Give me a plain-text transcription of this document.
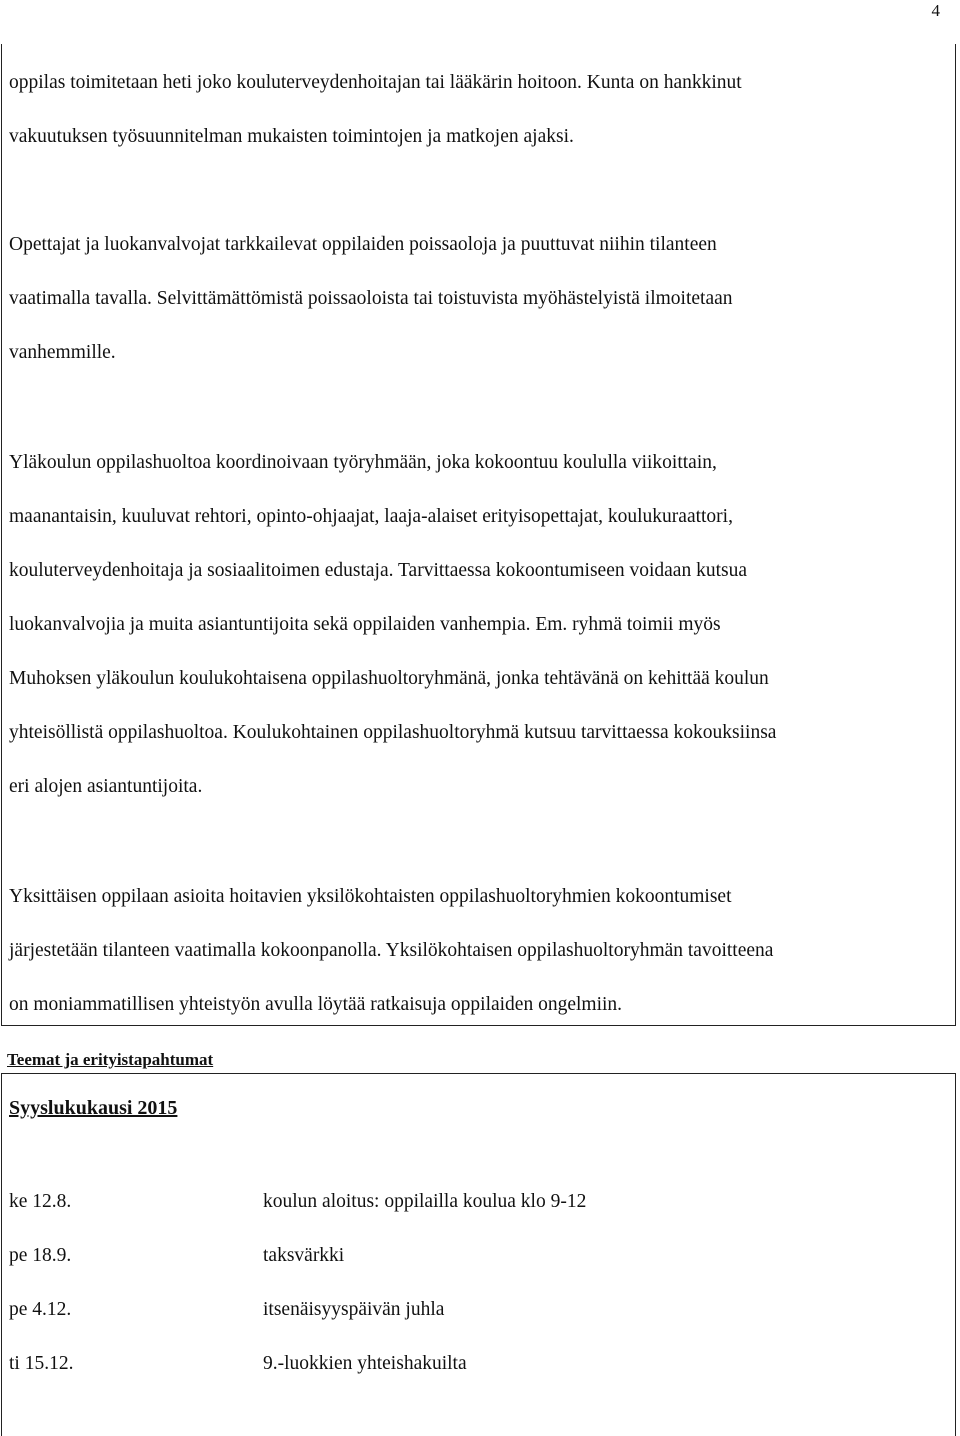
4
oppilas toimitetaan heti joko kouluterveydenhoitajan tai lääkärin hoitoon. Kunta on hankkinut
vakuutuksen työsuunnitelman mukaisten toimintojen ja matkojen ajaksi.
Opettajat ja luokanvalvojat tarkkailevat oppilaiden poissaoloja ja puuttuvat niihin tilanteen
vaatimalla tavalla. Selvittämättömistä poissaoloista tai toistuvista myöhästelyistä ilmoitetaan
vanhemmille.
Yläkoulun oppilashuoltoa koordinoivaan työryhmään, joka kokoontuu koululla viikoittain,
maanantaisin, kuuluvat rehtori, opinto-ohjaajat, laaja-alaiset erityisopettajat, koulukuraattori,
kouluterveydenhoitaja ja sosiaalitoimen edustaja. Tarvittaessa kokoontumiseen voidaan kutsua
luokanvalvojia ja muita asiantuntijoita sekä oppilaiden vanhempia. Em. ryhmä toimii myös
Muhoksen yläkoulun koulukohtaisena oppilashuoltoryhmänä, jonka tehtävänä on kehittää koulun
yhteisöllistä oppilashuoltoa. Koulukohtainen oppilashuoltoryhmä kutsuu tarvittaessa kokouksiinsa
eri alojen asiantuntijoita.
Yksittäisen oppilaan asioita hoitavien yksilökohtaisten oppilashuoltoryhmien kokoontumiset
järjestetään tilanteen vaatimalla kokoonpanolla. Yksilökohtaisen oppilashuoltoryhmän tavoitteena
on moniammatillisen yhteistyön avulla löytää ratkaisuja oppilaiden ongelmiin.
Teemat ja erityistapahtumat
Syyslukukausi 2015
ke 12.8.	koulun aloitus: oppilailla koulua klo 9-12
pe 18.9.	taksvärkki
pe 4.12.	itsenäisyyspäivän juhla
ti 15.12.	9.-luokkien yhteishakuilta
